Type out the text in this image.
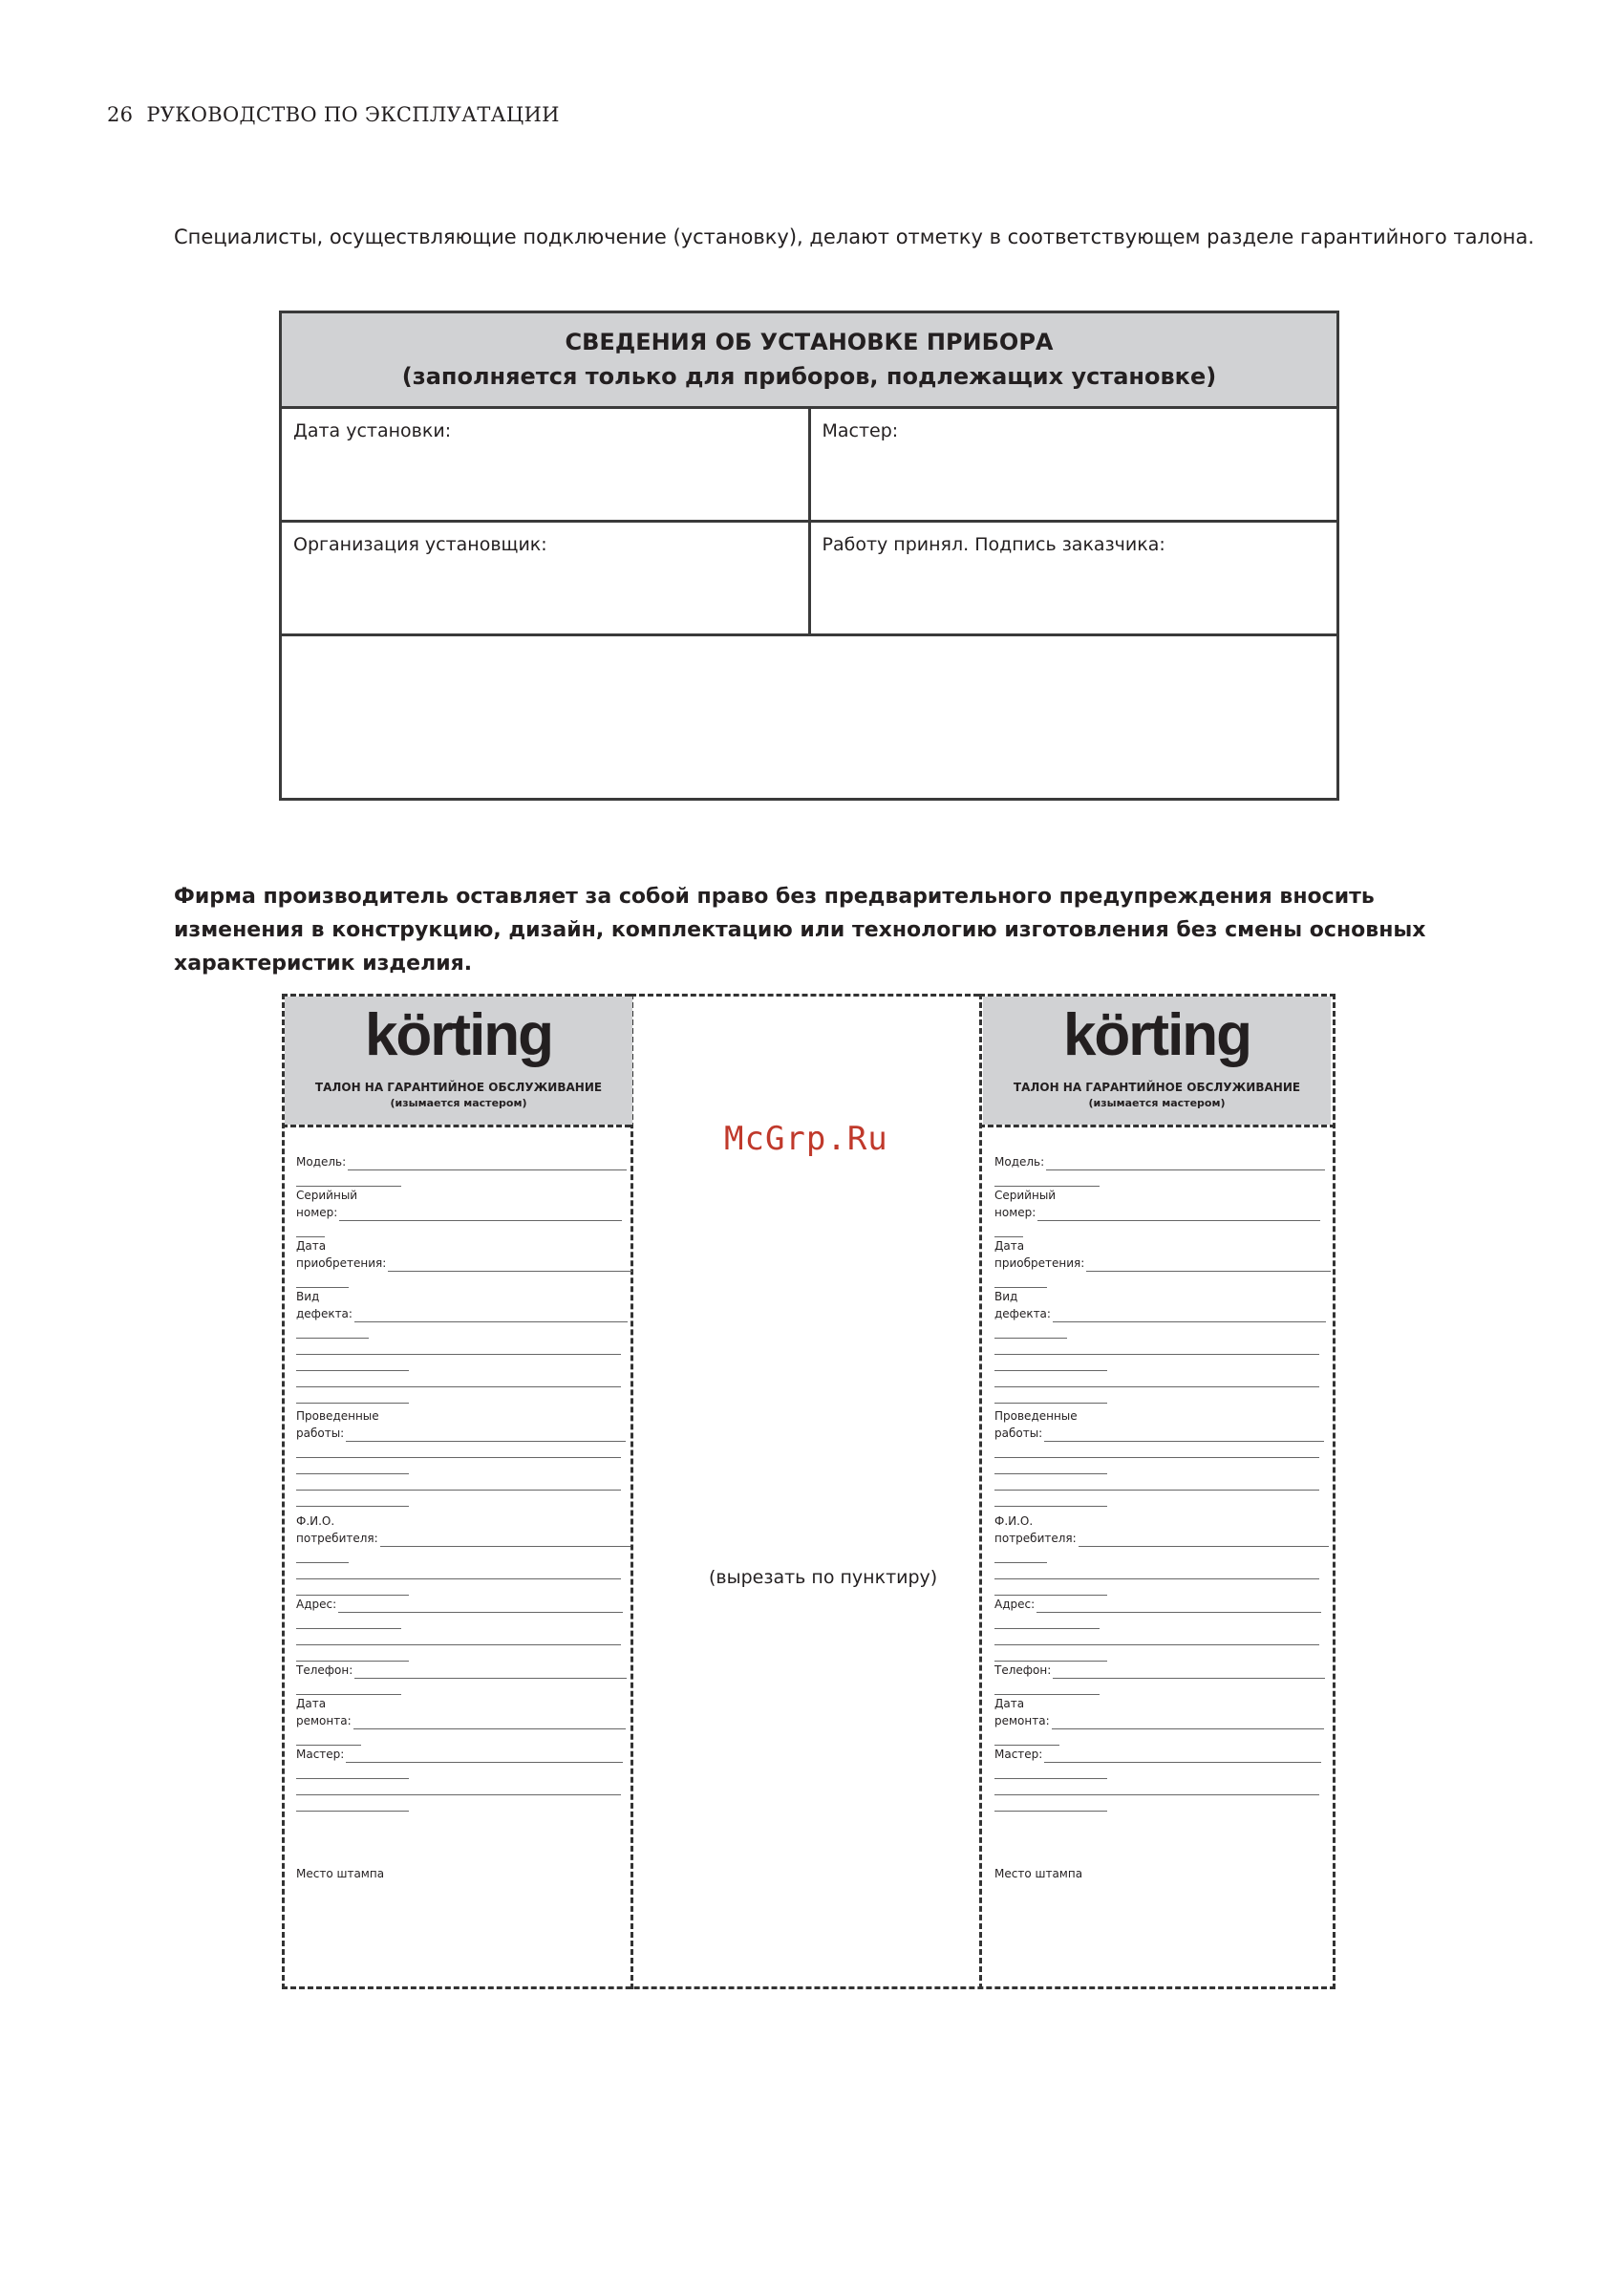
26 РУКОВОДСТВО ПО ЭКСПЛУАТАЦИИ
Специалисты, осуществляющие подключение (установку), делают отметку в соответствующем разделе гарантийного талона.
СВЕДЕНИЯ ОБ УСТАНОВКЕ ПРИБОРА
(заполняется только для приборов, подлежащих установке)
Дата установки:	Мастер:
Организация установщик:	Работу принял. Подпись заказчика:
Фирма производитель оставляет за собой право без предварительного предупреждения вносить изменения в конструкцию, дизайн, комплектацию или технологию изготовления без смены основных характеристик изделия.
körting
ТАЛОН НА ГАРАНТИЙНОЕ ОБСЛУЖИВАНИЕ
(изымается мастером)
Модель:
Серийный
номер:
Дата
приобретения:
Вид
дефекта:
Проведенные
работы:
Ф.И.О.
потребителя:
Адрес:
Телефон:
Дата
ремонта:
Мастер:
Место штампа
körting
ТАЛОН НА ГАРАНТИЙНОЕ ОБСЛУЖИВАНИЕ
(изымается мастером)
Модель:
Серийный
номер:
Дата
приобретения:
Вид
дефекта:
Проведенные
работы:
Ф.И.О.
потребителя:
Адрес:
Телефон:
Дата
ремонта:
Мастер:
Место штампа
McGrp.Ru
(вырезать по пунктиру)
